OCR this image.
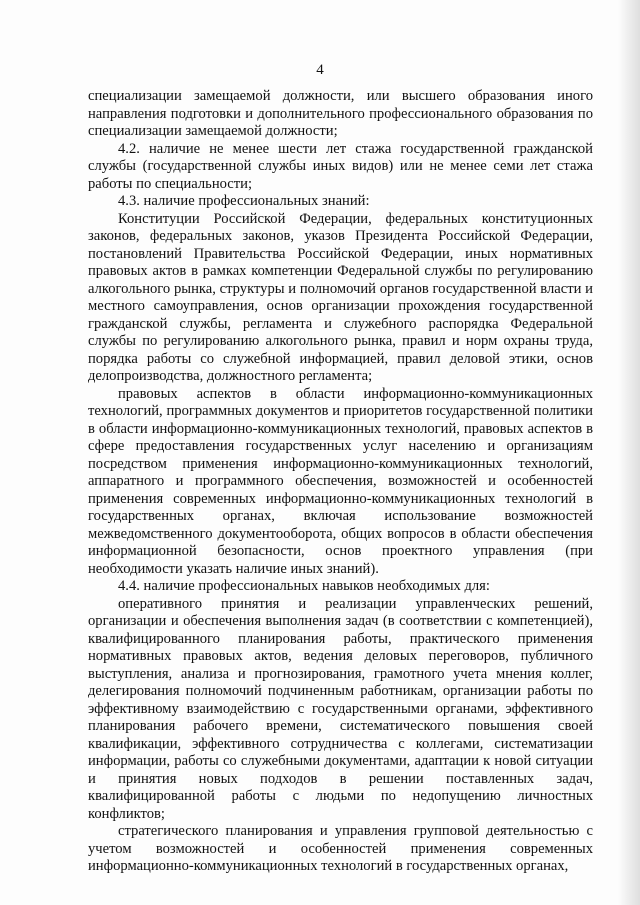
4

специализации замещаемой должности, или высшего образования иного направления подготовки и дополнительного профессионального образования по специализации замещаемой должности;

4.2. наличие не менее шести лет стажа государственной гражданской службы (государственной службы иных видов) или не менее семи лет стажа работы по специальности;

4.3. наличие профессиональных знаний:

Конституции Российской Федерации, федеральных конституционных законов, федеральных законов, указов Президента Российской Федерации, постановлений Правительства Российской Федерации, иных нормативных правовых актов в рамках компетенции Федеральной службы по регулированию алкогольного рынка, структуры и полномочий органов государственной власти и местного самоуправления, основ организации прохождения государственной гражданской службы, регламента и служебного распорядка Федеральной службы по регулированию алкогольного рынка, правил и норм охраны труда, порядка работы со служебной информацией, правил деловой этики, основ делопроизводства, должностного регламента;

правовых аспектов в области информационно-коммуникационных технологий, программных документов и приоритетов государственной политики в области информационно-коммуникационных технологий, правовых аспектов в сфере предоставления государственных услуг населению и организациям посредством применения информационно-коммуникационных технологий, аппаратного и программного обеспечения, возможностей и особенностей применения современных информационно-коммуникационных технологий в государственных органах, включая использование возможностей межведомственного документооборота, общих вопросов в области обеспечения информационной безопасности, основ проектного управления (при необходимости указать наличие иных знаний).

4.4. наличие профессиональных навыков необходимых для:

оперативного принятия и реализации управленческих решений, организации и обеспечения выполнения задач (в соответствии с компетенцией), квалифицированного планирования работы, практического применения нормативных правовых актов, ведения деловых переговоров, публичного выступления, анализа и прогнозирования, грамотного учета мнения коллег, делегирования полномочий подчиненным работникам, организации работы по эффективному взаимодействию с государственными органами, эффективного планирования рабочего времени, систематического повышения своей квалификации, эффективного сотрудничества с коллегами, систематизации информации, работы со служебными документами, адаптации к новой ситуации и принятия новых подходов в решении поставленных задач, квалифицированной работы с людьми по недопущению личностных конфликтов;

стратегического планирования и управления групповой деятельностью с учетом возможностей и особенностей применения современных информационно-коммуникационных технологий в государственных органах,
